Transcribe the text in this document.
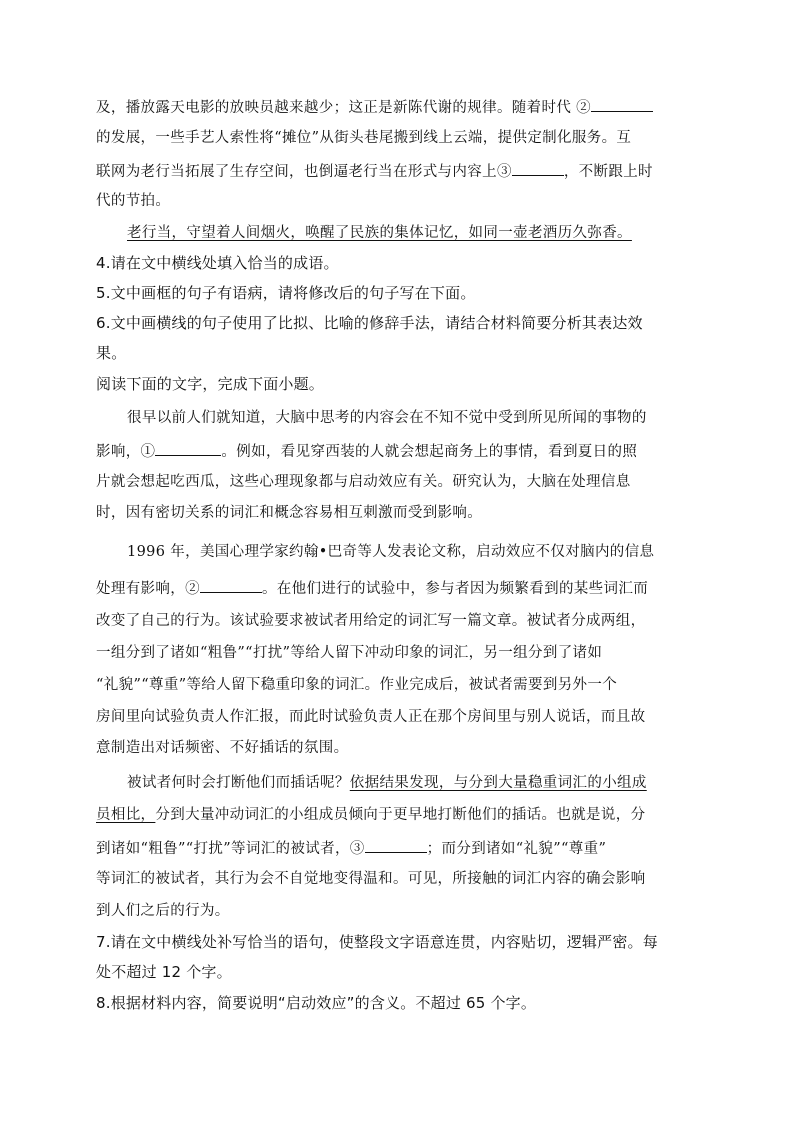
及，播放露天电影的放映员越来越少；这正是新陈代谢的规律。随着时代 ②
的发展，一些手艺人索性将“摊位”从街头巷尾搬到线上云端，提供定制化服务。互
联网为老行当拓展了生存空间，也倒逼老行当在形式与内容上③	，不断跟上时
代的节拍。
老行当，守望着人间烟火，唤醒了民族的集体记忆，如同一壶老酒历久弥香。
4.请在文中横线处填入恰当的成语。
5.文中画框的句子有语病，请将修改后的句子写在下面。
6.文中画横线的句子使用了比拟、比喻的修辞手法，请结合材料简要分析其表达效
果。
阅读下面的文字，完成下面小题。
很早以前人们就知道，大脑中思考的内容会在不知不觉中受到所见所闻的事物的
影响，①	。例如，看见穿西装的人就会想起商务上的事情，看到夏日的照
片就会想起吃西瓜，这些心理现象都与启动效应有关。研究认为，大脑在处理信息
时，因有密切关系的词汇和概念容易相互刺激而受到影响。
1996 年，美国心理学家约翰•巴奇等人发表论文称，启动效应不仅对脑内的信息
处理有影响，②	。在他们进行的试验中，参与者因为频繁看到的某些词汇而
改变了自己的行为。该试验要求被试者用给定的词汇写一篇文章。被试者分成两组，
一组分到了诸如“粗鲁”“打扰”等给人留下冲动印象的词汇，另一组分到了诸如
“礼貌”“尊重”等给人留下稳重印象的词汇。作业完成后，被试者需要到另外一个
房间里向试验负责人作汇报，而此时试验负责人正在那个房间里与别人说话，而且故
意制造出对话频密、不好插话的氛围。
被试者何时会打断他们而插话呢？依据结果发现，与分到大量稳重词汇的小组成
员相比，分到大量冲动词汇的小组成员倾向于更早地打断他们的插话。也就是说，分
到诸如“粗鲁”“打扰”等词汇的被试者，③	；而分到诸如“礼貌”“尊重”
等词汇的被试者，其行为会不自觉地变得温和。可见，所接触的词汇内容的确会影响
到人们之后的行为。
7.请在文中横线处补写恰当的语句，使整段文字语意连贯，内容贴切，逻辑严密。每
处不超过 12 个字。
8.根据材料内容，简要说明“启动效应”的含义。不超过 65 个字。
